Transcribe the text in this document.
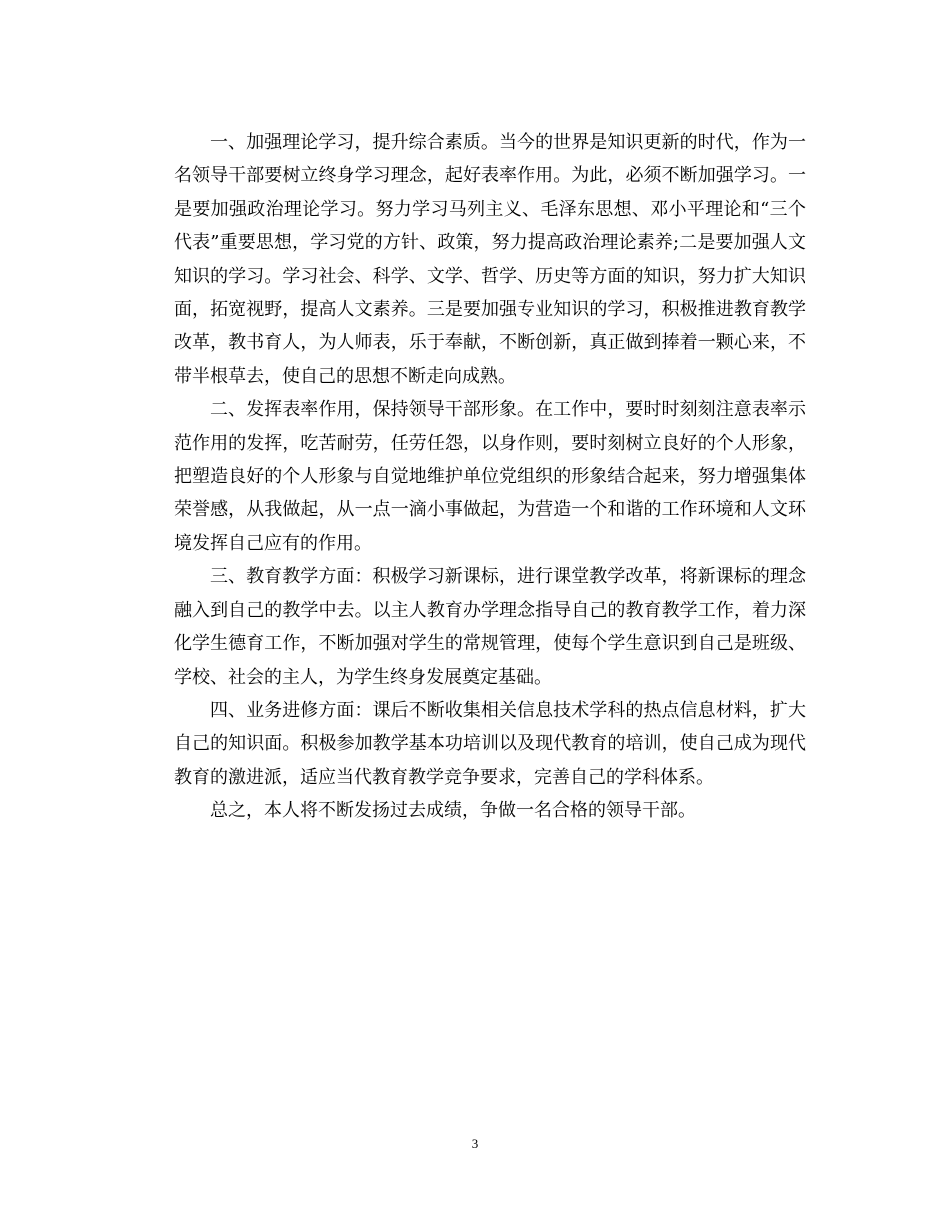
一、加强理论学习，提升综合素质。当今的世界是知识更新的时代，作为一名领导干部要树立终身学习理念，起好表率作用。为此，必须不断加强学习。一是要加强政治理论学习。努力学习马列主义、毛泽东思想、邓小平理论和“三个代表”重要思想，学习党的方针、政策，努力提高政治理论素养;二是要加强人文知识的学习。学习社会、科学、文学、哲学、历史等方面的知识，努力扩大知识面，拓宽视野，提高人文素养。三是要加强专业知识的学习，积极推进教育教学改革，教书育人，为人师表，乐于奉献，不断创新，真正做到捧着一颗心来，不带半根草去，使自己的思想不断走向成熟。

二、发挥表率作用，保持领导干部形象。在工作中，要时时刻刻注意表率示范作用的发挥，吃苦耐劳，任劳任怨，以身作则，要时刻树立良好的个人形象，把塑造良好的个人形象与自觉地维护单位党组织的形象结合起来，努力增强集体荣誉感，从我做起，从一点一滴小事做起，为营造一个和谐的工作环境和人文环境发挥自己应有的作用。

三、教育教学方面：积极学习新课标，进行课堂教学改革，将新课标的理念融入到自己的教学中去。以主人教育办学理念指导自己的教育教学工作，着力深化学生德育工作，不断加强对学生的常规管理，使每个学生意识到自己是班级、学校、社会的主人，为学生终身发展奠定基础。

四、业务进修方面：课后不断收集相关信息技术学科的热点信息材料，扩大自己的知识面。积极参加教学基本功培训以及现代教育的培训，使自己成为现代教育的激进派，适应当代教育教学竞争要求，完善自己的学科体系。

总之，本人将不断发扬过去成绩，争做一名合格的领导干部。

3
